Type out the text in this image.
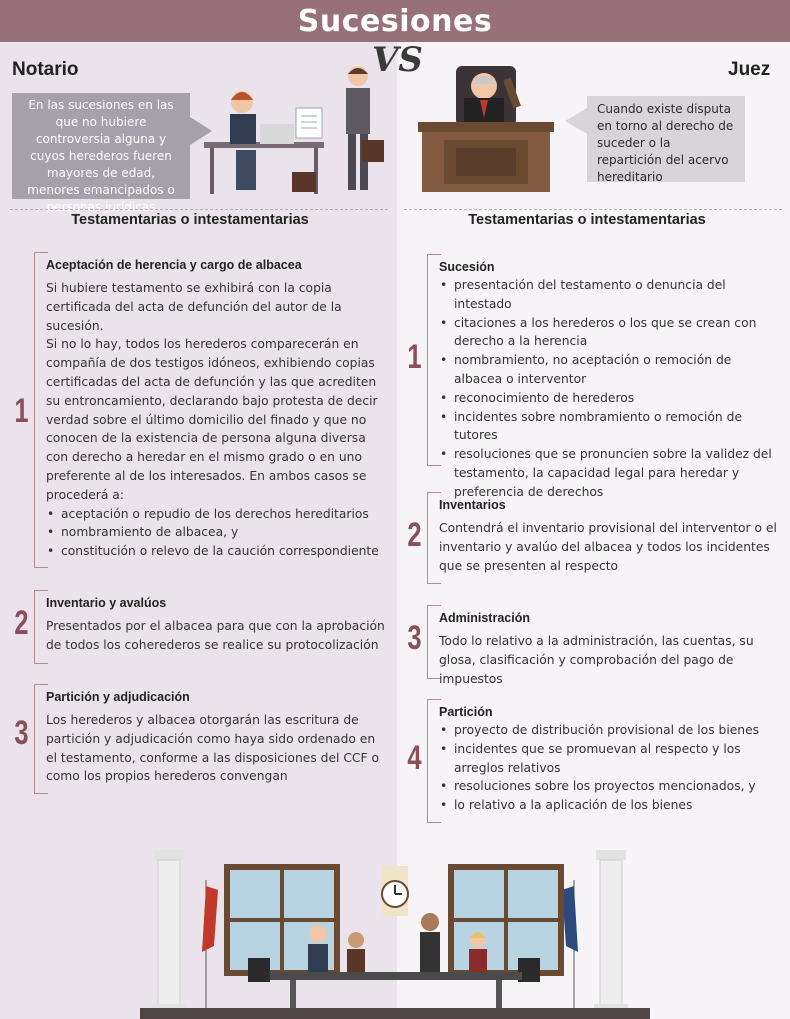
Sucesiones
VS
Notario	Juez
En las sucesiones en las que no hubiere controversia alguna y cuyos herederos fueren mayores de edad, menores emancipados o personas jurídicas
Cuando existe disputa en torno al derecho de suceder o la repartición del acervo hereditario
Testamentarias o intestamentarias	Testamentarias o intestamentarias
1
Aceptación de herencia y cargo de albacea

Si hubiere testamento se exhibirá con la copia certificada del acta de defunción del autor de la sucesión.

Si no lo hay, todos los herederos comparecerán en compañía de dos testigos idóneos, exhibiendo copias certificadas del acta de defunción y las que acrediten su entroncamiento, declarando bajo protesta de decir verdad sobre el último domicilio del finado y que no conocen de la existencia de persona alguna diversa con derecho a heredar en el mismo grado o en uno preferente al de los interesados. En ambos casos se procederá a:

• aceptación o repudio de los derechos hereditarios
• nombramiento de albacea, y
• constitución o relevo de la caución correspondiente
2
Inventario y avalúos

Presentados por el albacea para que con la aprobación de todos los coherederos se realice su protocolización

3
Partición y adjudicación

Los herederos y albacea otorgarán las escritura de partición y adjudicación como haya sido ordenado en el testamento, conforme a las disposiciones del CCF o como los propios herederos convengan

1
Sucesión
• presentación del testamento o denuncia del intestado
• citaciones a los herederos o los que se crean con derecho a la herencia
• nombramiento, no aceptación o remoción de albacea o interventor
• reconocimiento de herederos
• incidentes sobre nombramiento o remoción de tutores
• resoluciones que se pronuncien sobre la validez del testamento, la capacidad legal para heredar y preferencia de derechos
2
Inventarios

Contendrá el inventario provisional del interventor o el inventario y avalúo del albacea y todos los incidentes que se presenten al respecto

3
Administración

Todo lo relativo a la administración, las cuentas, su glosa, clasificación y comprobación del pago de impuestos

4
Partición
• proyecto de distribución provisional de los bienes
• incidentes que se promuevan al respecto y los arreglos relativos
• resoluciones sobre los proyectos mencionados, y
• lo relativo a la aplicación de los bienes
